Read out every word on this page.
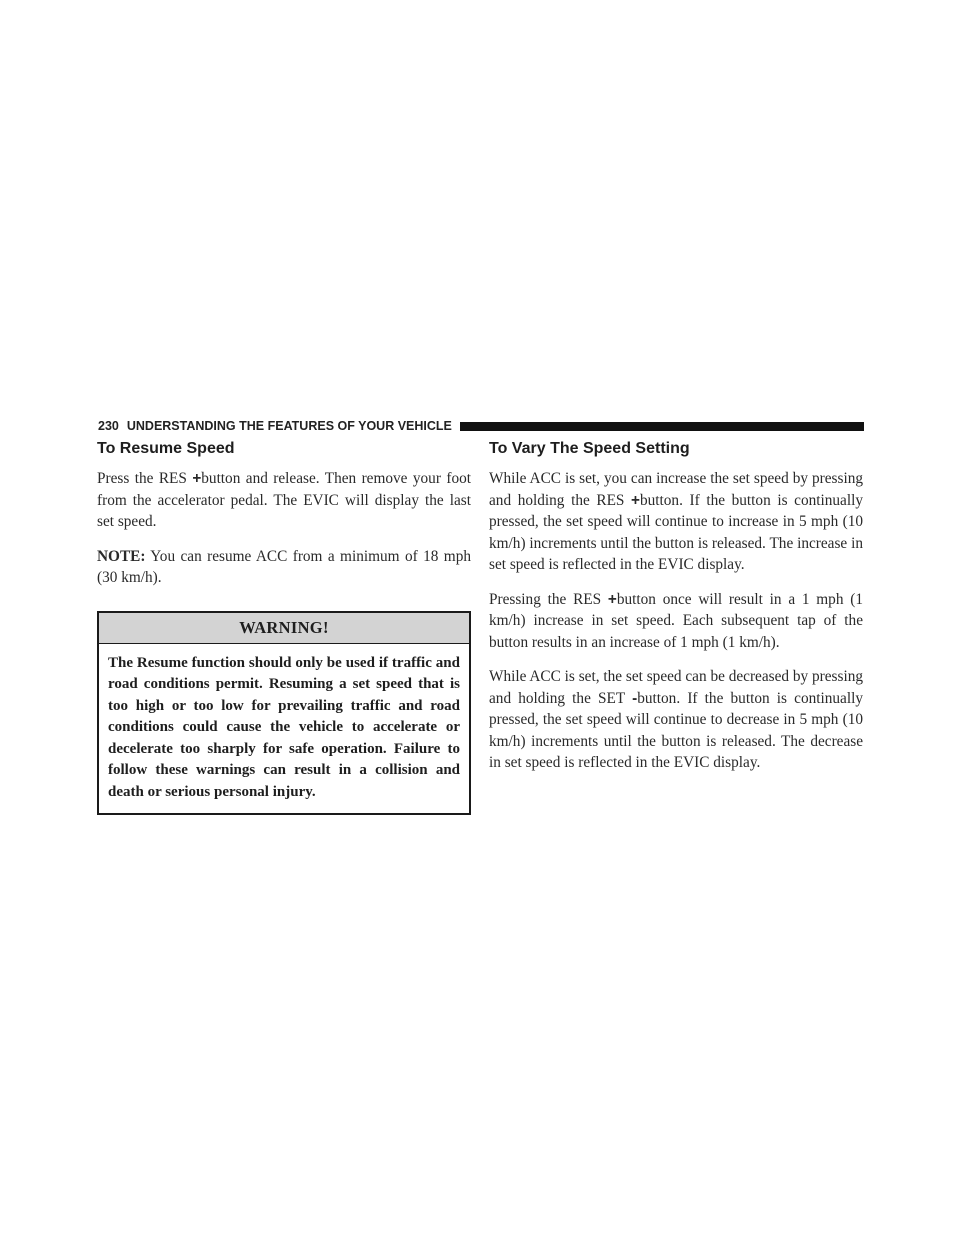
230 UNDERSTANDING THE FEATURES OF YOUR VEHICLE
To Resume Speed

Press the RES +button and release. Then remove your foot from the accelerator pedal. The EVIC will display the last set speed.

NOTE: You can resume ACC from a minimum of 18 mph (30 km/h).

WARNING!
The Resume function should only be used if traffic and road conditions permit. Resuming a set speed that is too high or too low for prevailing traffic and road conditions could cause the vehicle to accelerate or decelerate too sharply for safe operation. Failure to follow these warnings can result in a collision and death or serious personal injury.
To Vary The Speed Setting

While ACC is set, you can increase the set speed by pressing and holding the RES +button. If the button is continually pressed, the set speed will continue to increase in 5 mph (10 km/h) increments until the button is released. The increase in set speed is reflected in the EVIC display.

Pressing the RES +button once will result in a 1 mph (1 km/h) increase in set speed. Each subsequent tap of the button results in an increase of 1 mph (1 km/h).

While ACC is set, the set speed can be decreased by pressing and holding the SET -button. If the button is continually pressed, the set speed will continue to decrease in 5 mph (10 km/h) increments until the button is released. The decrease in set speed is reflected in the EVIC display.
